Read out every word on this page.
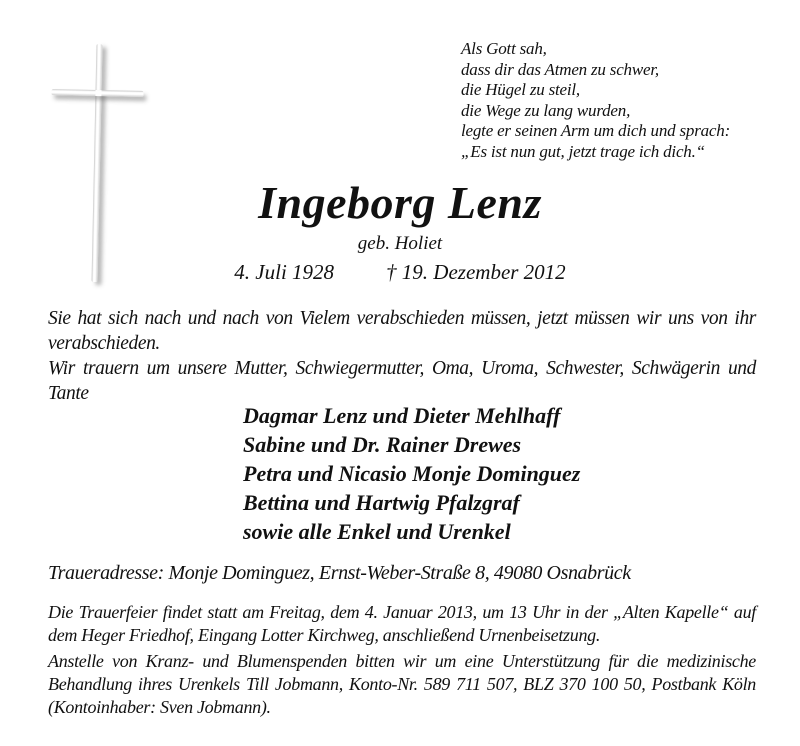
Als Gott sah,
dass dir das Atmen zu schwer,
die Hügel zu steil,
die Wege zu lang wurden,
legte er seinen Arm um dich und sprach:
„Es ist nun gut, jetzt trage ich dich.“
Ingeborg Lenz
geb. Holiet
4. Juli 1928 † 19. Dezember 2012
Sie hat sich nach und nach von Vielem verabschieden müssen, jetzt müssen wir uns von ihr verabschieden.
Wir trauern um unsere Mutter, Schwiegermutter, Oma, Uroma, Schwester, Schwägerin und Tante
Dagmar Lenz und Dieter Mehlhaff
Sabine und Dr. Rainer Drewes
Petra und Nicasio Monje Dominguez
Bettina und Hartwig Pfalzgraf
sowie alle Enkel und Urenkel
Traueradresse: Monje Dominguez, Ernst-Weber-Straße 8, 49080 Osnabrück
Die Trauerfeier findet statt am Freitag, dem 4. Januar 2013, um 13 Uhr in der „Alten Kapelle“ auf dem Heger Friedhof, Eingang Lotter Kirchweg, anschließend Urnenbeisetzung.
Anstelle von Kranz- und Blumenspenden bitten wir um eine Unterstützung für die medizinische Behandlung ihres Urenkels Till Jobmann, Konto-Nr. 589 711 507, BLZ 370 100 50, Postbank Köln (Kontoinhaber: Sven Jobmann).
